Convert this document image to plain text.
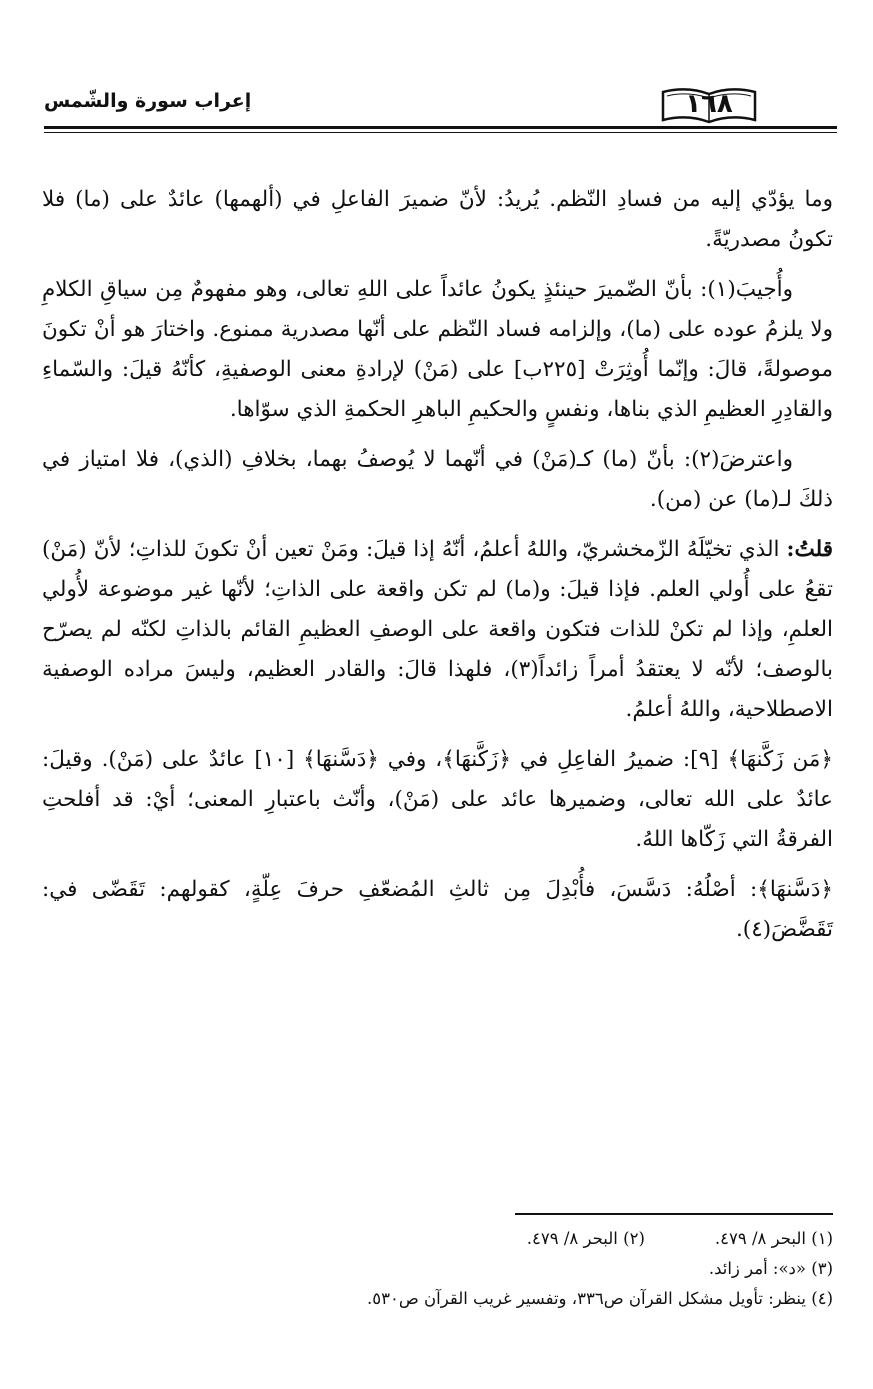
١٦٨
إعراب سورة والشّمس

وما يؤدّي إليه من فسادِ النّظم. يُريدُ: لأنّ ضميرَ الفاعلِ في (ألهمها) عائدٌ على (ما) فلا تكونُ مصدريّةً.

وأُجيبَ(١): بأنّ الضّميرَ حينئذٍ يكونُ عائداً على اللهِ تعالى، وهو مفهومٌ مِن سياقِ الكلامِ ولا يلزمُ عوده على (ما)، وإلزامه فساد النّظم على أنّها مصدرية ممنوع. واختارَ هو أنْ تكونَ موصولةً، قالَ: وإنّما أُوثِرَتْ [٢٢٥ب] على (مَنْ) لإرادةِ معنى الوصفيةِ، كأنّهُ قيلَ: والسّماءِ والقادِرِ العظيمِ الذي بناها، ونفسٍ والحكيمِ الباهرِ الحكمةِ الذي سوّاها.

واعترضَ(٢): بأنّ (ما) كـ(مَنْ) في أنّهما لا يُوصفُ بهما، بخلافِ (الذي)، فلا امتياز في ذلكَ لـ(ما) عن (من).

قلتُ: الذي تخيّلَهُ الزّمخشريّ، واللهُ أعلمُ، أنّهُ إذا قيلَ: ومَنْ تعين أنْ تكونَ للذاتِ؛ لأنّ (مَنْ) تقعُ على أُولي العلم. فإذا قيلَ: و(ما) لم تكن واقعة على الذاتِ؛ لأنّها غير موضوعة لأُولي العلمِ، وإذا لم تكنْ للذات فتكون واقعة على الوصفِ العظيمِ القائم بالذاتِ لكنّه لم يصرّح بالوصف؛ لأنّه لا يعتقدُ أمراً زائداً(٣)، فلهذا قالَ: والقادر العظيم، وليسَ مراده الوصفية الاصطلاحية، واللهُ أعلمُ.

﴿مَن زَكَّنهَا﴾ [٩]: ضميرُ الفاعِلِ في ﴿زَكَّنهَا﴾، وفي ﴿دَسَّنهَا﴾ [١٠] عائدٌ على (مَنْ). وقيلَ: عائدٌ على الله تعالى، وضميرها عائد على (مَنْ)، وأنّث باعتبارِ المعنى؛ أيْ: قد أفلحتِ الفرقةُ التي زَكّاها اللهُ.

﴿دَسَّنهَا﴾: أصْلُهُ: دَسَّسَ، فأُبْدِلَ مِن ثالثِ المُضعّفِ حرفَ عِلّةٍ، كقولهم: تَقَضّى في: تَقَضَّضَ(٤).

(١) البحر ٨/ ٤٧٩.
(٢) البحر ٨/ ٤٧٩.
(٣) «د»: أمر زائد.
(٤) ينظر: تأويل مشكل القرآن ص٣٣٦، وتفسير غريب القرآن ص٥٣٠.
